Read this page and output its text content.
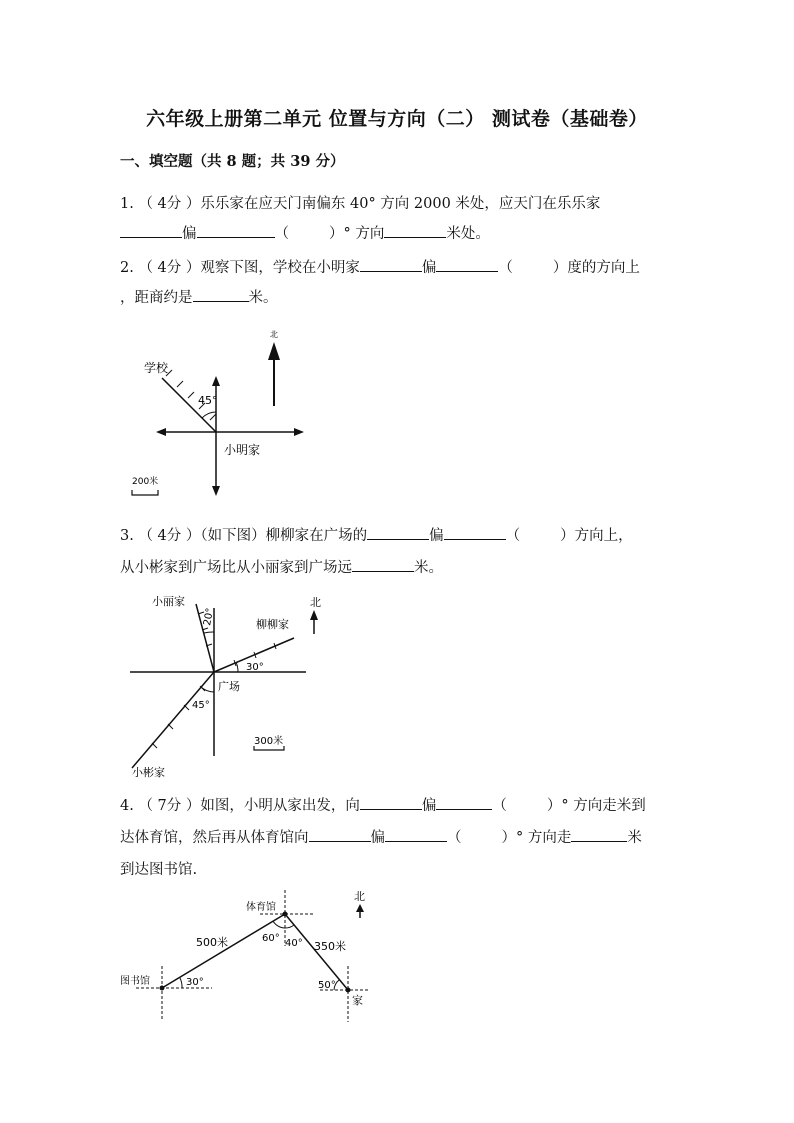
六年级上册第二单元 位置与方向（二） 测试卷（基础卷）
一、填空题（共 8 题；共 39 分）
1. （ 4分 ）乐乐家在应天门南偏东 40° 方向 2000 米处，应天门在乐乐家
偏	（	）° 方向	米处。
2. （ 4分 ）观察下图，学校在小明家	偏	（	）度的方向上
，距商约是	米。
北
学校
45°
小明家
200米
3. （ 4分 ）（如下图）柳柳家在广场的	偏	（	）方向上，
从小彬家到广场比从小丽家到广场远	米。
小丽家
20°
北
柳柳家
30°
广场
45°
300米
小彬家
4. （ 7分 ）如图，小明从家出发，向	偏	（	）° 方向走米到
达体育馆，然后再从体育馆向	偏	（	）° 方向走	米
到达图书馆.
体育馆
北
500米	60° 40° 350米
图书馆	30°	50°
家
